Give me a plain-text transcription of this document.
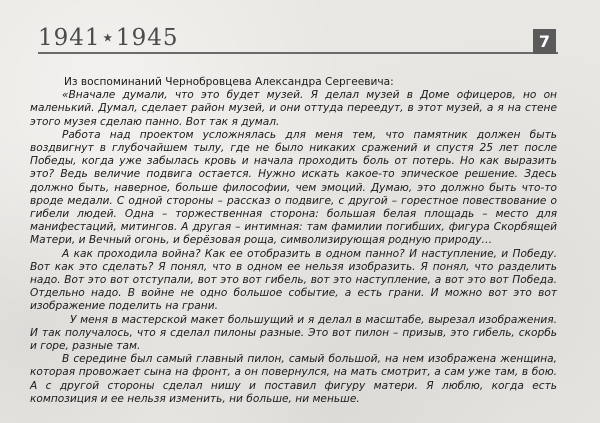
1941⋆1945	7

Из воспоминаний Чернобровцева Александра Сергеевича:

«Вначале думали, что это будет музей. Я делал музей в Доме офицеров, но он маленький. Думал, сделает район музей, и они оттуда переедут, в этот музей, а я на стене этого музея сделаю панно. Вот так я думал.

Работа над проектом усложнялась для меня тем, что памятник должен быть воздвигнут в глубочайшем тылу, где не было никаких сражений и спустя 25 лет после Победы, когда уже забылась кровь и начала проходить боль от потерь. Но как выразить это? Ведь величие подвига остается. Нужно искать какое-то эпическое решение. Здесь должно быть, наверное, больше философии, чем эмоций. Думаю, это должно быть что-то вроде медали. С одной стороны – рассказ о подвиге, с другой – горестное повествование о гибели людей. Одна – торжественная сторона: большая белая площадь – место для манифестаций, митингов. А другая – интимная: там фамилии погибших, фигура Скорбящей Матери, и Вечный огонь, и берёзовая роща, символизирующая родную природу…

А как проходила война? Как ее отобразить в одном панно? И наступление, и Победу. Вот как это сделать? Я понял, что в одном ее нельзя изобразить. Я понял, что разделить надо. Вот это вот отступали, вот это вот гибель, вот это наступление, а вот это вот Победа. Отдельно надо. В войне не одно большое событие, а есть грани. И можно вот это вот изображение поделить на грани.

У меня в мастерской макет большущий и я делал в масштабе, вырезал изображения. И так получалось, что я сделал пилоны разные. Это вот пилон – призыв, это гибель, скорбь и горе, разные там.

В середине был самый главный пилон, самый большой, на нем изображена женщина, которая провожает сына на фронт, а он повернулся, на мать смотрит, а сам уже там, в бою. А с другой стороны сделал нишу и поставил фигуру матери. Я люблю, когда есть композиция и ее нельзя изменить, ни больше, ни меньше.
